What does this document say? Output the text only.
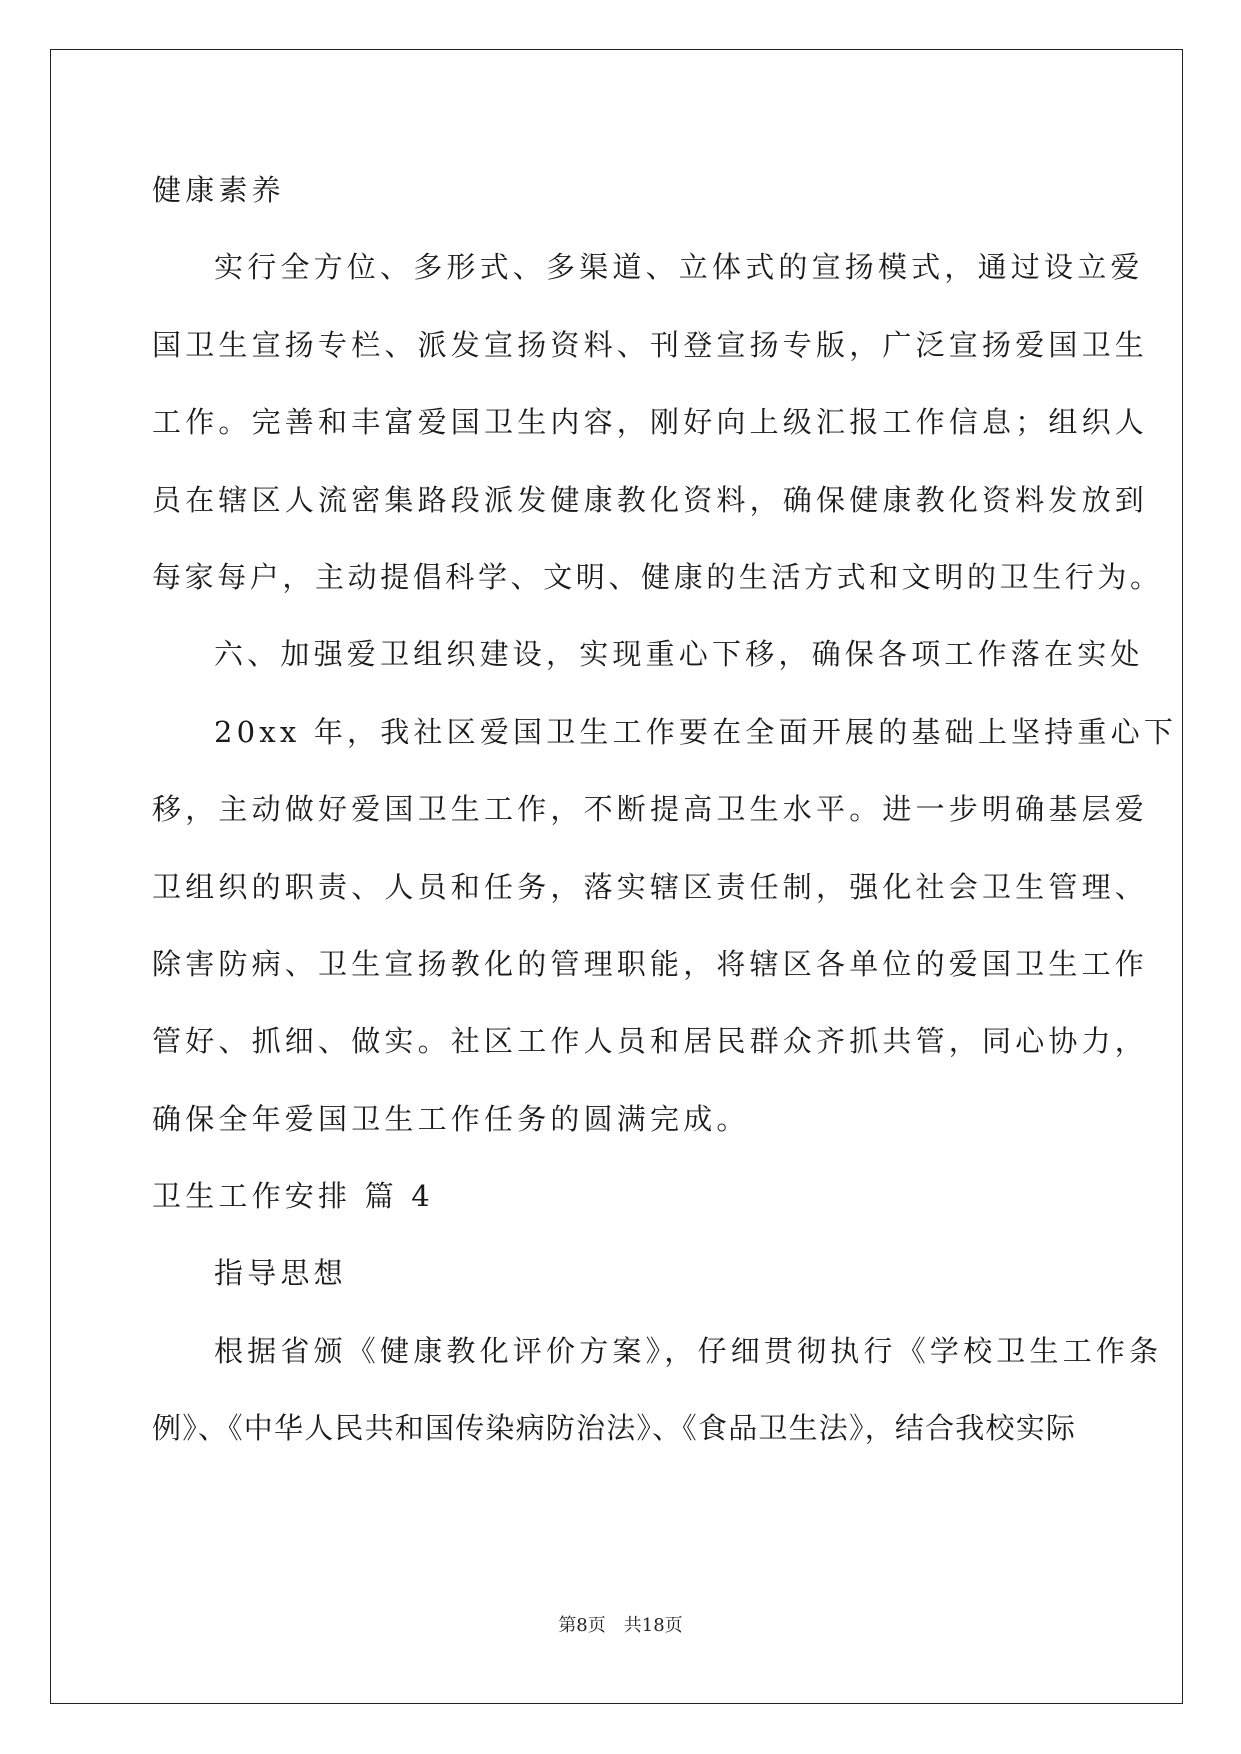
健康素养
实行全方位、多形式、多渠道、立体式的宣扬模式，通过设立爱
国卫生宣扬专栏、派发宣扬资料、刊登宣扬专版，广泛宣扬爱国卫生
工作。完善和丰富爱国卫生内容，刚好向上级汇报工作信息；组织人
员在辖区人流密集路段派发健康教化资料，确保健康教化资料发放到
每家每户，主动提倡科学、文明、健康的生活方式和文明的卫生行为。
六、加强爱卫组织建设，实现重心下移，确保各项工作落在实处
20xx 年，我社区爱国卫生工作要在全面开展的基础上坚持重心下
移，主动做好爱国卫生工作，不断提高卫生水平。进一步明确基层爱
卫组织的职责、人员和任务，落实辖区责任制，强化社会卫生管理、
除害防病、卫生宣扬教化的管理职能，将辖区各单位的爱国卫生工作
管好、抓细、做实。社区工作人员和居民群众齐抓共管，同心协力，
确保全年爱国卫生工作任务的圆满完成。
卫生工作安排 篇 4
指导思想
根据省颁《健康教化评价方案》，仔细贯彻执行《学校卫生工作条
例》、《中华人民共和国传染病防治法》、《食品卫生法》，结合我校实际
第8页 共18页
